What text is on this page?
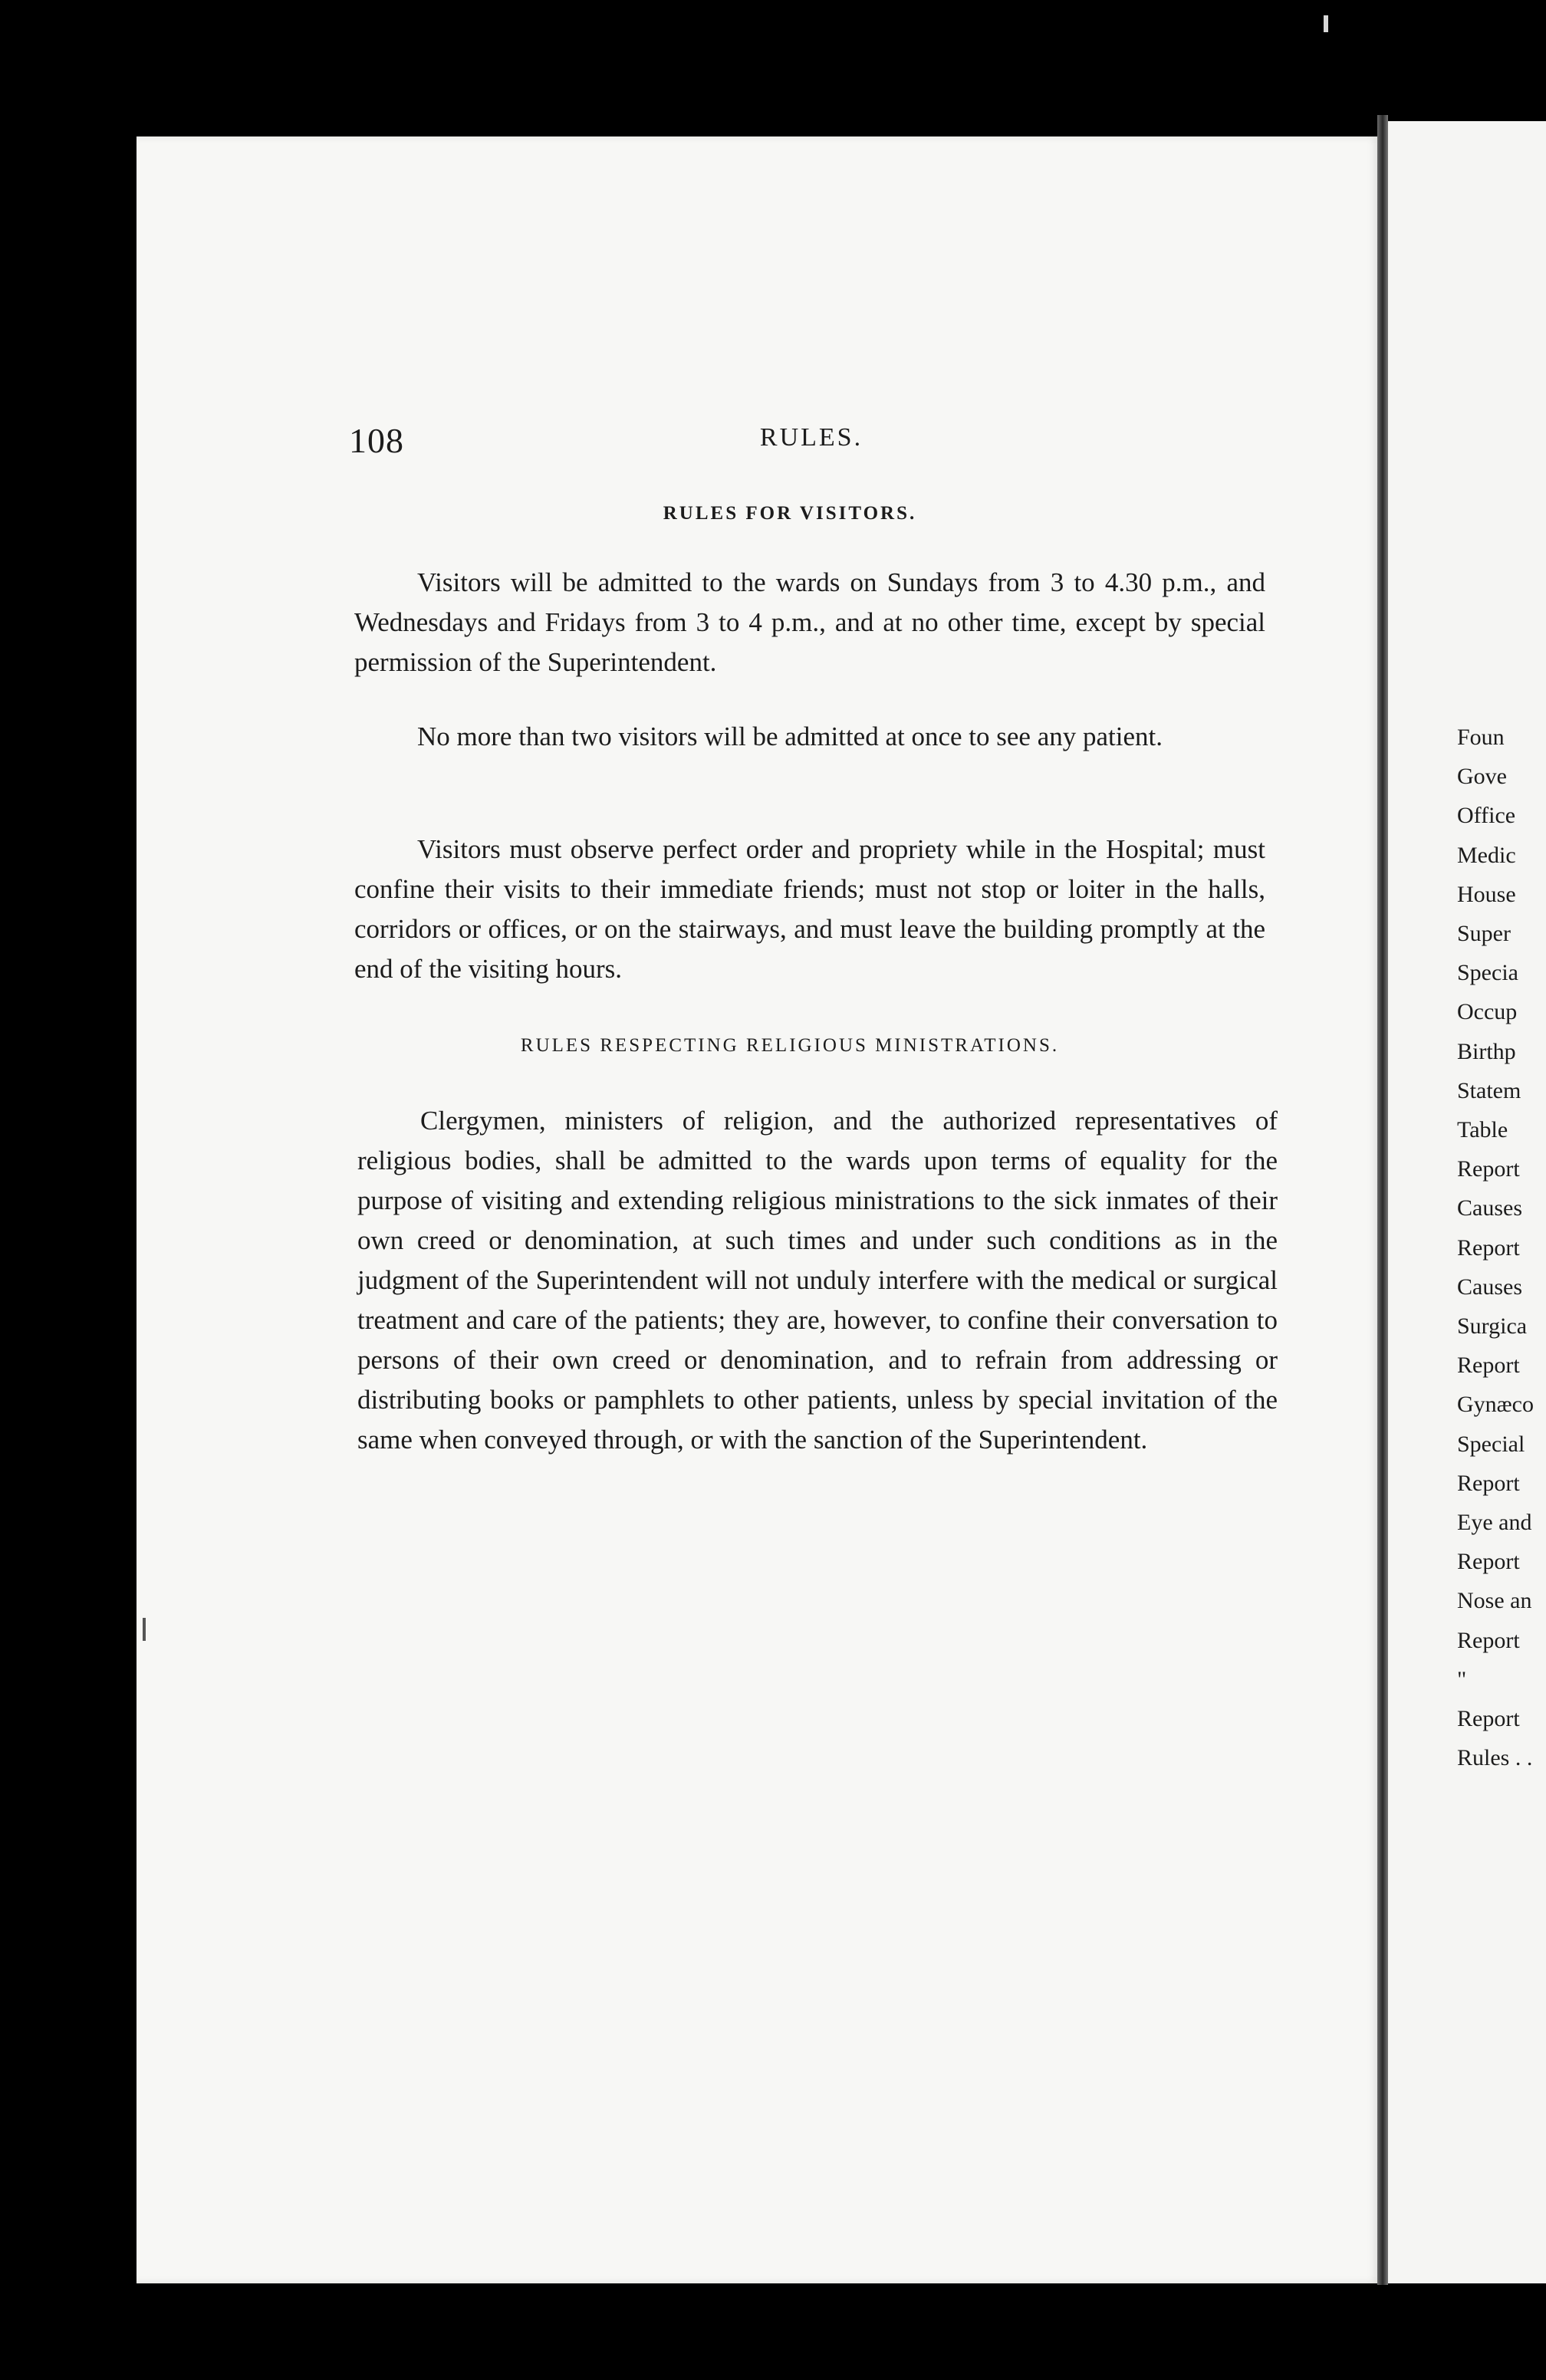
108	RULES.
RULES FOR VISITORS.

Visitors will be admitted to the wards on Sundays from 3 to 4.30 p.m., and Wednesdays and Fridays from 3 to 4 p.m., and at no other time, except by special permission of the Superintendent.

No more than two visitors will be admitted at once to see any patient.

Visitors must observe perfect order and propriety while in the Hospital; must confine their visits to their immediate friends; must not stop or loiter in the halls, corridors or offices, or on the stairways, and must leave the building promptly at the end of the visiting hours.

RULES RESPECTING RELIGIOUS MINISTRATIONS.

Clergymen, ministers of religion, and the authorized representatives of religious bodies, shall be admitted to the wards upon terms of equality for the purpose of visiting and extending religious ministrations to the sick inmates of their own creed or denomination, at such times and under such conditions as in the judgment of the Superintendent will not unduly interfere with the medical or surgical treatment and care of the patients; they are, however, to confine their conversation to persons of their own creed or denomination, and to refrain from addressing or distributing books or pamphlets to other patients, unless by special invitation of the same when conveyed through, or with the sanction of the Superintendent.

Foun
Gove
Office
Medic
House
Super
Specia
Occup
Birthp
Statem
Table
Report
Causes
Report
Causes
Surgica
Report
Gynæco
Special
Report
Eye and
Report
Nose an
Report
"
Report
Rules . .
